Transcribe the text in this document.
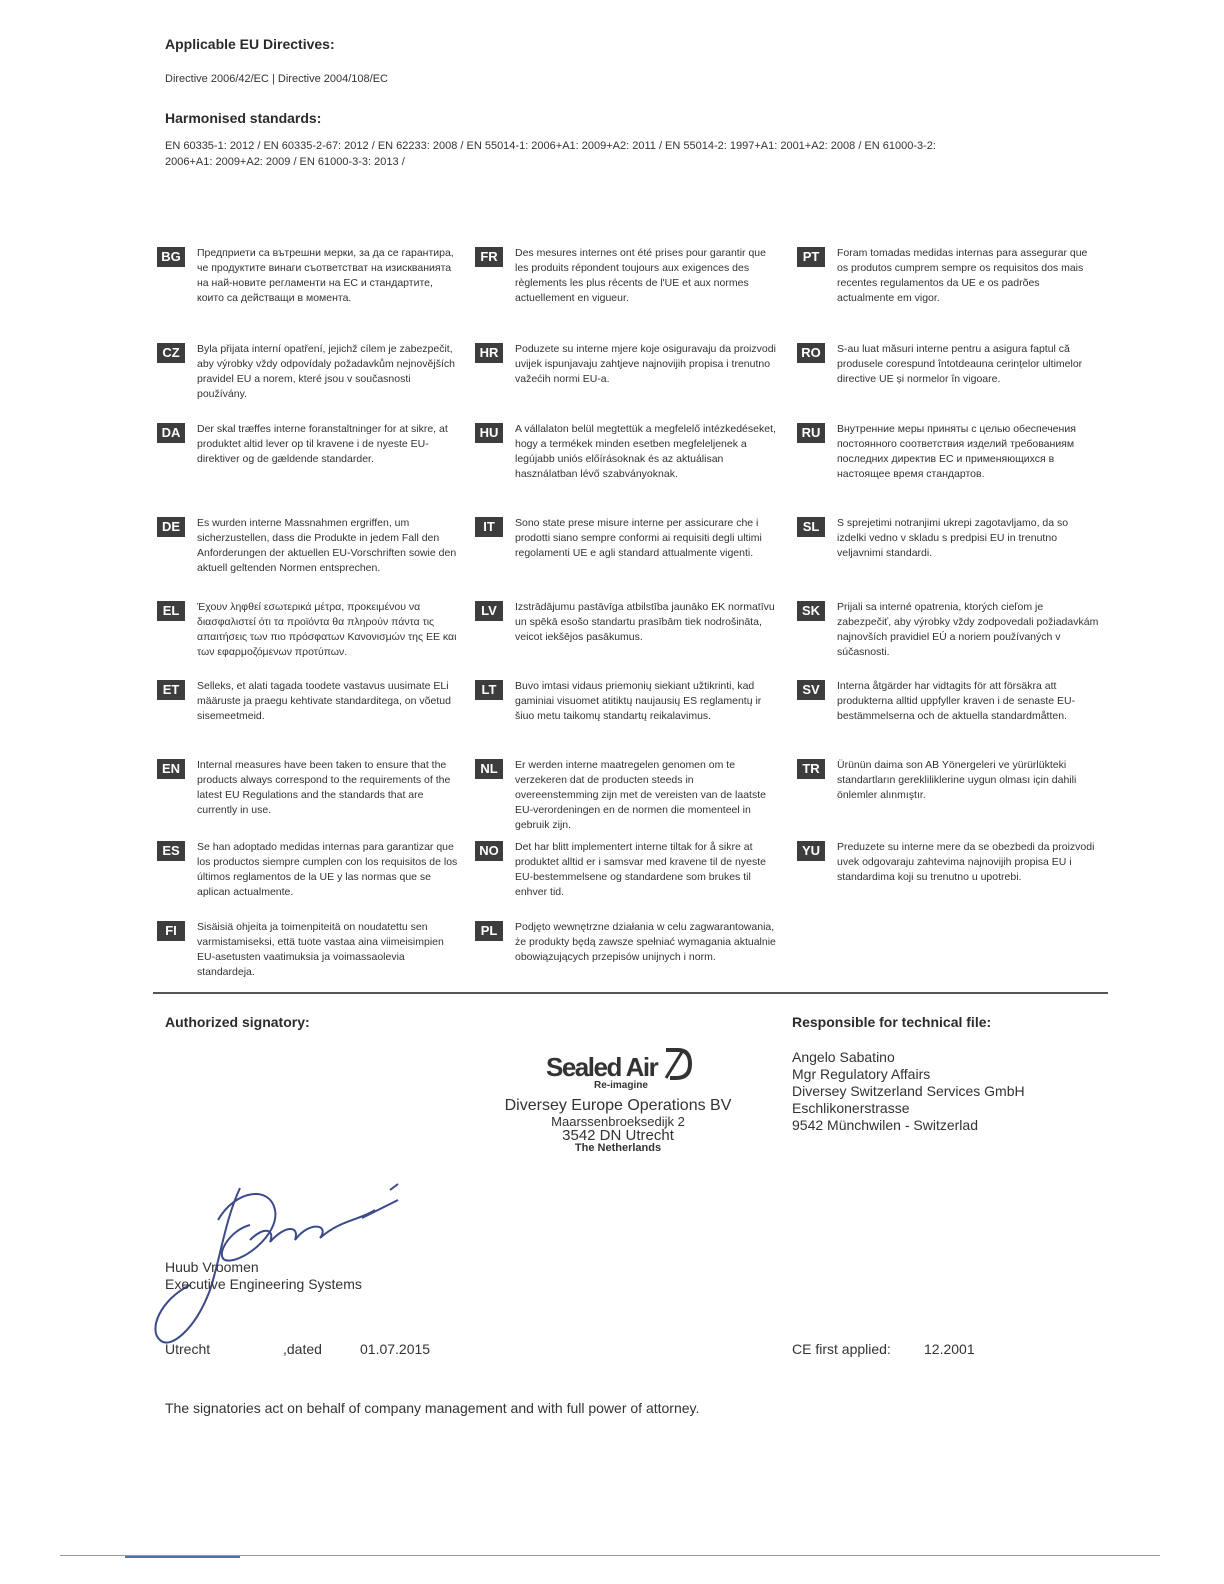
Applicable EU Directives:
Directive 2006/42/EC | Directive 2004/108/EC
Harmonised standards:
EN 60335-1: 2012 / EN 60335-2-67: 2012 / EN 62233: 2008 / EN 55014-1: 2006+A1: 2009+A2: 2011 / EN 55014-2: 1997+A1: 2001+A2: 2008 / EN 61000-3-2:
2006+A1: 2009+A2: 2009 / EN 61000-3-3: 2013 /
BG	Предприети са вътрешни мерки, за да се гарантира, че продуктите винаги съответстват на изискванията на най-новите регламенти на ЕС и стандартите, които са действащи в момента.
CZ	Byla přijata interní opatření, jejichž cílem je zabezpečit, aby výrobky vždy odpovídaly požadavkům nejnovějších pravidel EU a norem, které jsou v současnosti používány.
DA	Der skal træffes interne foranstaltninger for at sikre, at produktet altid lever op til kravene i de nyeste EU-direktiver og de gældende standarder.
DE	Es wurden interne Massnahmen ergriffen, um sicherzustellen, dass die Produkte in jedem Fall den Anforderungen der aktuellen EU-Vorschriften sowie den aktuell geltenden Normen entsprechen.
EL	Έχουν ληφθεί εσωτερικά μέτρα, προκειμένου να διασφαλιστεί ότι τα προϊόντα θα πληρούν πάντα τις απαιτήσεις των πιο πρόσφατων Κανονισμών της ΕΕ και των εφαρμοζόμενων προτύπων.
ET	Selleks, et alati tagada toodete vastavus uusimate ELi määruste ja praegu kehtivate standarditega, on võetud sisemeetmeid.
EN	Internal measures have been taken to ensure that the products always correspond to the requirements of the latest EU Regulations and the standards that are currently in use.
ES	Se han adoptado medidas internas para garantizar que los productos siempre cumplen con los requisitos de los últimos reglamentos de la UE y las normas que se aplican actualmente.
FI	Sisäisiä ohjeita ja toimenpiteitä on noudatettu sen varmistamiseksi, että tuote vastaa aina viimeisimpien EU-asetusten vaatimuksia ja voimassaolevia standardeja.
FR	Des mesures internes ont été prises pour garantir que les produits répondent toujours aux exigences des règlements les plus récents de l'UE et aux normes actuellement en vigueur.
HR	Poduzete su interne mjere koje osiguravaju da proizvodi uvijek ispunjavaju zahtjeve najnovijih propisa i trenutno važećih normi EU-a.
HU	A vállalaton belül megtettük a megfelelő intézkedéseket, hogy a termékek minden esetben megfeleljenek a legújabb uniós előírásoknak és az aktuálisan használatban lévő szabványoknak.
IT	Sono state prese misure interne per assicurare che i prodotti siano sempre conformi ai requisiti degli ultimi regolamenti UE e agli standard attualmente vigenti.
LV	Izstrādājumu pastāvīga atbilstība jaunāko EK normatīvu un spēkā esošo standartu prasībām tiek nodrošināta, veicot iekšējos pasākumus.
LT	Buvo imtasi vidaus priemonių siekiant užtikrinti, kad gaminiai visuomet atitiktų naujausių ES reglamentų ir šiuo metu taikomų standartų reikalavimus.
NL	Er werden interne maatregelen genomen om te verzekeren dat de producten steeds in overeenstemming zijn met de vereisten van de laatste EU-verordeningen en de normen die momenteel in gebruik zijn.
NO	Det har blitt implementert interne tiltak for å sikre at produktet alltid er i samsvar med kravene til de nyeste EU-bestemmelsene og standardene som brukes til enhver tid.
PL	Podjęto wewnętrzne działania w celu zagwarantowania, że produkty będą zawsze spełniać wymagania aktualnie obowiązujących przepisów unijnych i norm.
PT	Foram tomadas medidas internas para assegurar que os produtos cumprem sempre os requisitos dos mais recentes regulamentos da UE e os padrões actualmente em vigor.
RO	S-au luat măsuri interne pentru a asigura faptul că produsele corespund întotdeauna cerințelor ultimelor directive UE și normelor în vigoare.
RU	Внутренние меры приняты с целью обеспечения постоянного соответствия изделий требованиям последних директив ЕС и применяющихся в настоящее время стандартов.
SL	S sprejetimi notranjimi ukrepi zagotavljamo, da so izdelki vedno v skladu s predpisi EU in trenutno veljavnimi standardi.
SK	Prijali sa interné opatrenia, ktorých cieľom je zabezpečiť, aby výrobky vždy zodpovedali požiadavkám najnovších pravidiel EÚ a noriem používaných v súčasnosti.
SV	Interna åtgärder har vidtagits för att försäkra att produkterna alltid uppfyller kraven i de senaste EU-bestämmelserna och de aktuella standardmåtten.
TR	Ürünün daima son AB Yönergeleri ve yürürlükteki standartların gerekliliklerine uygun olması için dahili önlemler alınmıştır.
YU	Preduzete su interne mere da se obezbedi da proizvodi uvek odgovaraju zahtevima najnovijih propisa EU i standardima koji su trenutno u upotrebi.
Authorized signatory:
Sealed Air
Re-imagine
Diversey Europe Operations BV
Maarssenbroeksedijk 2
3542 DN Utrecht
The Netherlands
Responsible for technical file:
Angelo Sabatino
Mgr Regulatory Affairs
Diversey Switzerland Services GmbH
Eschlikonerstrasse
9542 Münchwilen - Switzerlad
Huub Vroomen
Executive Engineering Systems
Utrecht	,dated	01.07.2015	CE first applied: 12.2001
The signatories act on behalf of company management and with full power of attorney.
